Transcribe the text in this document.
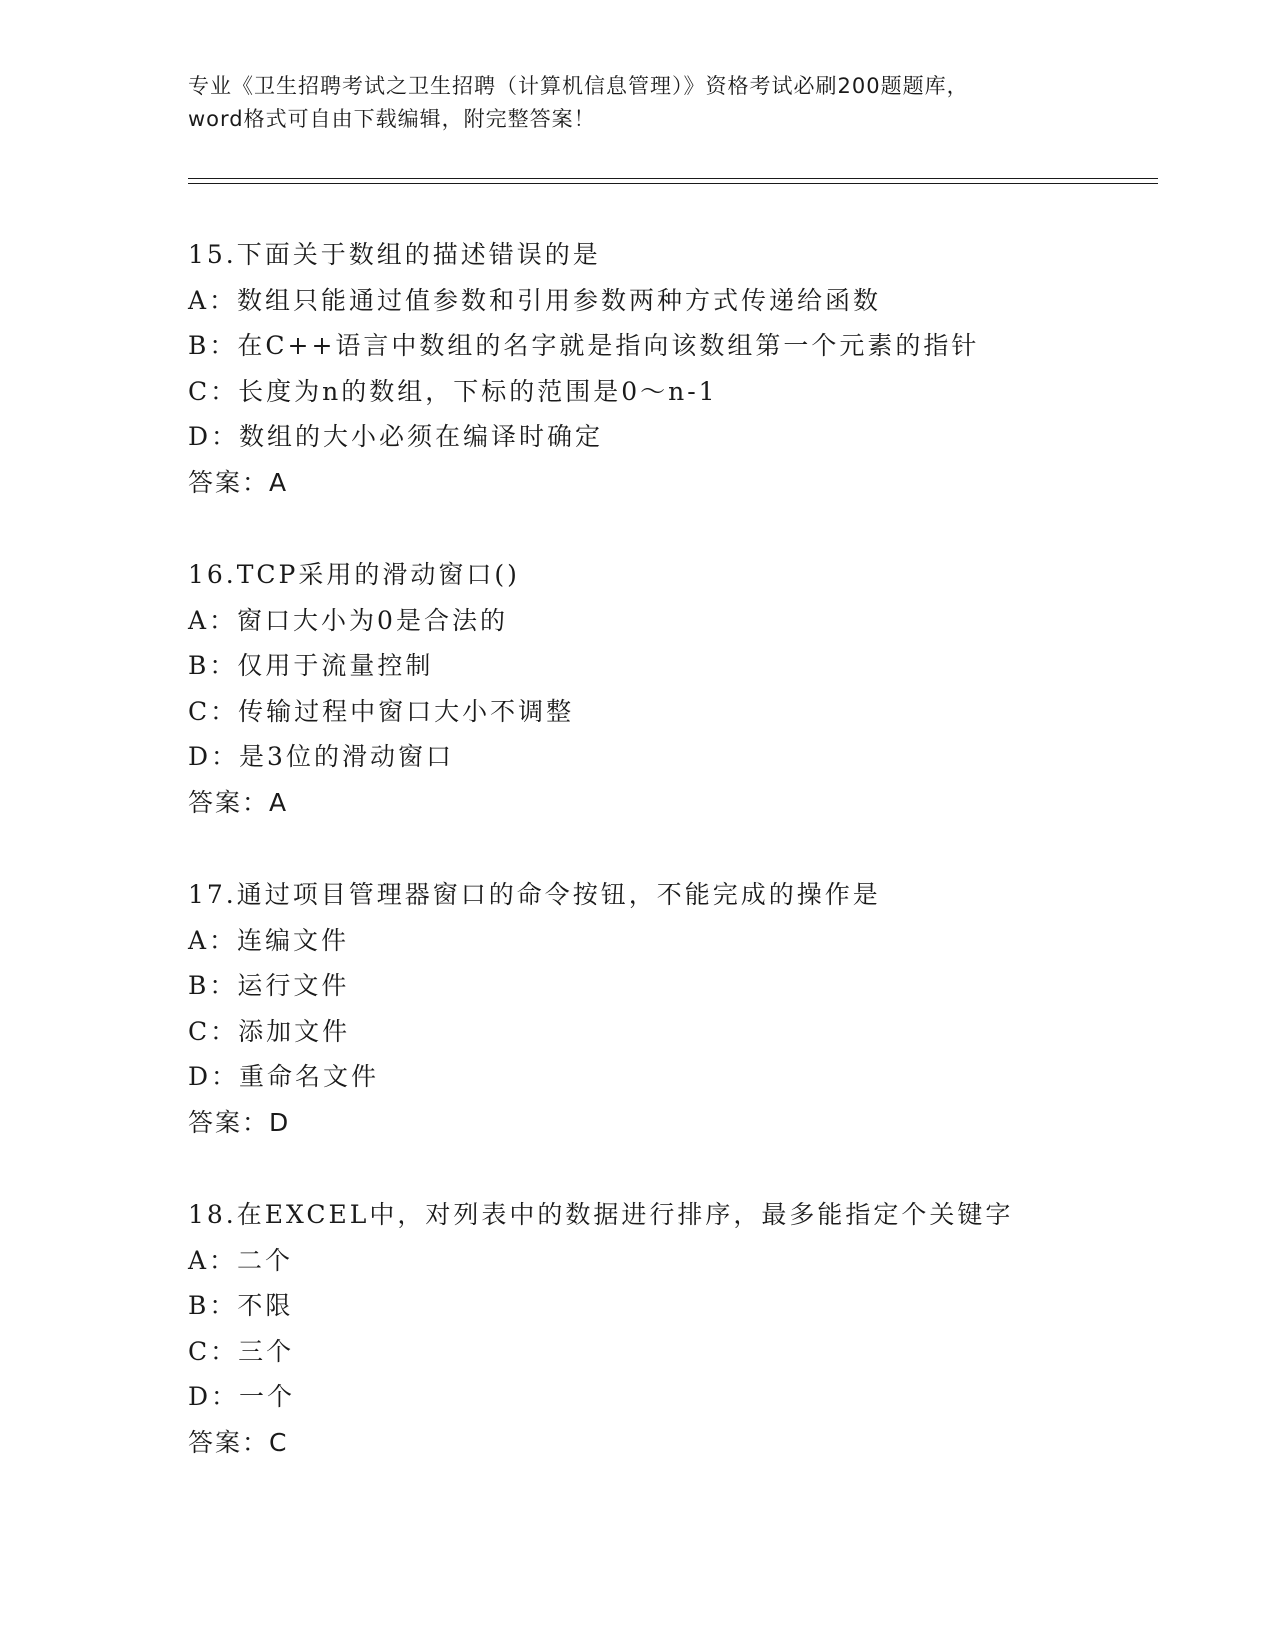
专业《卫生招聘考试之卫生招聘（计算机信息管理）》资格考试必刷200题题库，
word格式可自由下载编辑，附完整答案！
15.下面关于数组的描述错误的是
A：数组只能通过值参数和引用参数两种方式传递给函数
B：在C++语言中数组的名字就是指向该数组第一个元素的指针
C：长度为n的数组，下标的范围是0～n-1
D：数组的大小必须在编译时确定
答案：A
16.TCP采用的滑动窗口()
A：窗口大小为0是合法的
B：仅用于流量控制
C：传输过程中窗口大小不调整
D：是3位的滑动窗口
答案：A
17.通过项目管理器窗口的命令按钮，不能完成的操作是
A：连编文件
B：运行文件
C：添加文件
D：重命名文件
答案：D
18.在EXCEL中，对列表中的数据进行排序，最多能指定个关键字
A：二个
B：不限
C：三个
D：一个
答案：C
